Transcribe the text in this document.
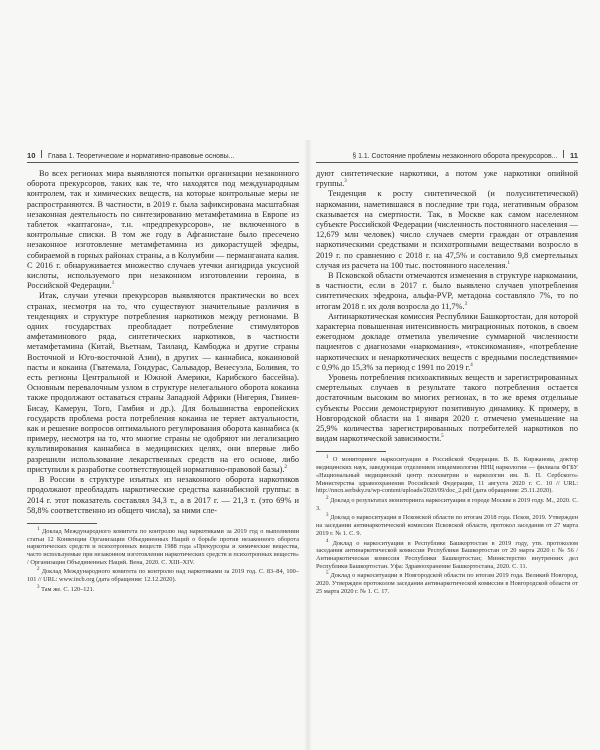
10 Глава 1. Теоретические и нормативно-правовые основы...

Во всех регионах мира выявляются попытки организации незаконного оборота прекурсоров, таких как те, что находятся под международным контролем, так и химических веществ, на которые контрольные меры не распространяются. В частности, в 2019 г. была зафиксирована масштабная незаконная деятельность по синтезированию метамфетамина в Европе из таблеток «каптагона», т.н. «предпрекурсоров», не включенного в контрольные списки. В том же году в Афганистане было пресечено незаконное изготовление метамфетамина из дикорастущей эфедры, собираемой в горных районах страны, а в Колумбии — перманганата калия. С 2016 г. обнаруживается множество случаев утечки ангидрида уксусной кислоты, используемого при незаконном изготовлении героина, в Российской Федерации.$^1$

Итак, случаи утечки прекурсоров выявляются практически во всех странах, несмотря на то, что существуют значительные различия в тенденциях и структуре потребления наркотиков между регионами. В одних государствах преобладает потребление стимуляторов амфетаминового ряда, синтетических наркотиков, в частности метамфетамина (Китай, Вьетнам, Таиланд, Камбоджа и другие страны Восточной и Юго-восточной Азии), в других — каннабиса, кокаиновой пасты и кокаина (Гватемала, Гондурас, Сальвадор, Венесуэла, Боливия, то есть регионы Центральной и Южной Америки, Карибского бассейна). Основным перевалочным узлом в структуре нелегального оборота кокаина также продолжают оставаться страны Западной Африки (Нигерия, Гвинея-Бисау, Камерун, Того, Гамбия и др.). Для большинства европейских государств проблема роста потребления кокаина не теряет актуальности, как и решение вопросов оптимального регулирования оборота каннабиса (к примеру, несмотря на то, что многие страны не одобряют ни легализацию культивирования каннабиса в медицинских целях, они впервые либо разрешили использование лекарственных средств на его основе, либо приступили к разработке соответствующей нормативно-правовой базы).$^2$

В России в структуре изъятых из незаконного оборота наркотиков продолжают преобладать наркотические средства каннабисной группы: в 2014 г. этот показатель составлял 34,3 т., а в 2017 г. — 21,3 т. (это 69% и 58,8% соответственно из общего числа), за ними сле-

$^1$ Доклад Международного комитета по контролю над наркотиками за 2019 год о выполнении статьи 12 Конвенции Организации Объединенных Наций о борьбе против незаконного оборота наркотических средств и психотропных веществ 1988 года «Прекурсоры и химические вещества, часто используемые при незаконном изготовлении наркотических средств и психотропных веществ» / Организация Объединенных Наций. Вена, 2020. С. XIII–XIV.

$^2$ Доклад Международного комитета по контролю над наркотиками за 2019 год. С. 83–84, 100–101 // URL: www.incb.org (дата обращения: 12.12.2020).

$^3$ Там же. С. 120–121.

§ 1.1. Состояние проблемы незаконного оборота прекурсоров... 11

дуют синтетические наркотики, а потом уже наркотики опийной группы.$^3$

Тенденция к росту синтетической (и полусинтетической) наркомании, наметившаяся в последние три года, негативным образом сказывается на смертности. Так, в Москве как самом населенном субъекте Российской Федерации (численность постоянного населения — 12,679 млн человек) число случаев смерти граждан от отравления наркотическими средствами и психотропными веществами возросло в 2019 г. по сравнению с 2018 г. на 47,5% и составило 9,8 смертельных случая из расчета на 100 тыс. постоянного населения.$^1$

В Псковской области отмечаются изменения в структуре наркомании, в частности, если в 2017 г. было выявлено случаев употребления синтетических эфедрона, альфа-PVP, метадона составляло 7%, то по итогам 2018 г. их доля возросла до 11,7%.$^3$

Антинаркотическая комиссия Республики Башкортостан, для которой характерна повышенная интенсивность миграционных потоков, в своем ежегодном докладе отметила увеличение суммарной численности пациентов с диагнозами «наркомания», «токсикомания», «потребление наркотических и ненаркотических веществ с вредными последствиями» с 0,9% до 15,3% за период с 1991 по 2019 г.$^4$

Уровень потребления психоактивных веществ и зарегистрированных смертельных случаев в результате такого потребления остается достаточным высоким во многих регионах, в то же время отдельные субъекты России демонстрируют позитивную динамику. К примеру, в Новгородской области на 1 января 2020 г. отмечено уменьшение на 25,9% количества зарегистрированных потребителей наркотиков по видам наркотической зависимости.$^5$

$^1$ О мониторинге наркоситуации в Российской Федерации. В. В. Киржанова, доктор медицинских наук, заведующая отделением эпидемиологии ННЦ наркологии — филиала ФГБУ «Национальный медицинский центр психиатрии и наркологии им. В. П. Сербского» Министерства здравоохранения Российской Федерации, 11 августа 2020 г. С. 10 // URL: http://nncn.serbsky.ru/wp-content/uploads/2020/09/doc_2.pdf (дата обращения: 25.11.2020).

$^2$ Доклад о результатах мониторинга наркоситуации в городе Москве в 2019 году. М., 2020. С. 3.

$^3$ Доклад о наркоситуации в Псковской области по итогам 2018 года. Псков, 2019. Утвержден на заседании антинаркотической комиссии Псковской области, протокол заседания от 27 марта 2019 г. № 1. С. 9.

$^4$ Доклад о наркоситуации в Республике Башкортостан в 2019 году, утв. протоколом заседания антинаркотической комиссии Республики Башкортостан от 20 марта 2020 г. № 56 / Антинаркотическая комиссия Республики Башкортостан; Министерство внутренних дел Республики Башкортостан. Уфа: Здравоохранение Башкортостана, 2020. С. 11.

$^5$ Доклад о наркоситуации в Новгородской области по итогам 2019 года. Великий Новгород, 2020. Утвержден протоколом заседания антинаркотической комиссии в Новгородской области от 25 марта 2020 г. № 1. С. 17.
